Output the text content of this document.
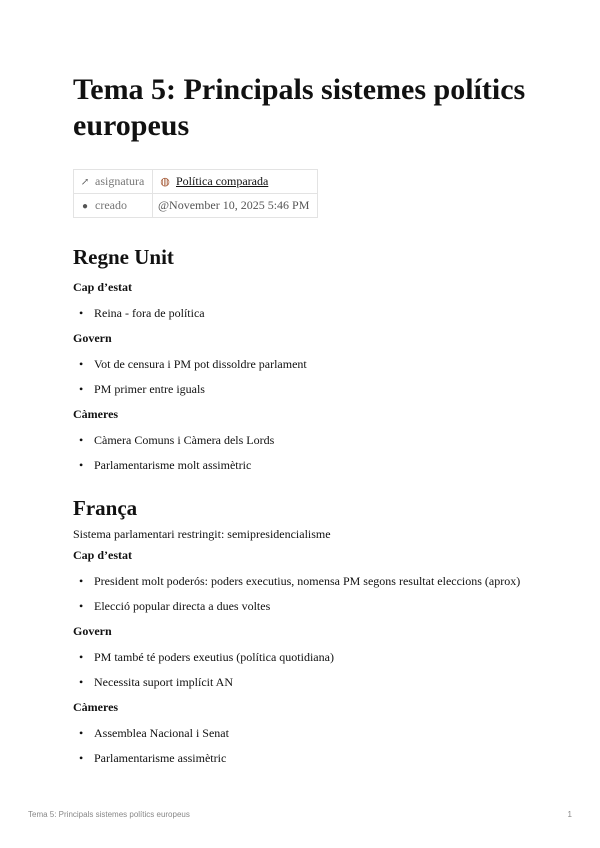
Tema 5: Principals sistemes polítics europeus
↗ asignatura	◍ Política comparada
● creado	@November 10, 2025 5:46 PM
Regne Unit
Cap d’estat
• Reina - fora de política
Govern
• Vot de censura i PM pot dissoldre parlament
• PM primer entre iguals
Càmeres
• Càmera Comuns i Càmera dels Lords
• Parlamentarisme molt assimètric
França

Sistema parlamentari restringit: semipresidencialisme

Cap d’estat
• President molt poderós: poders executius, nomensa PM segons resultat eleccions (aprox)
• Elecció popular directa a dues voltes
Govern
• PM també té poders exeutius (política quotidiana)
• Necessita suport implícit AN
Càmeres
• Assemblea Nacional i Senat
• Parlamentarisme assimètric
Tema 5: Principals sistemes polítics europeus	1
